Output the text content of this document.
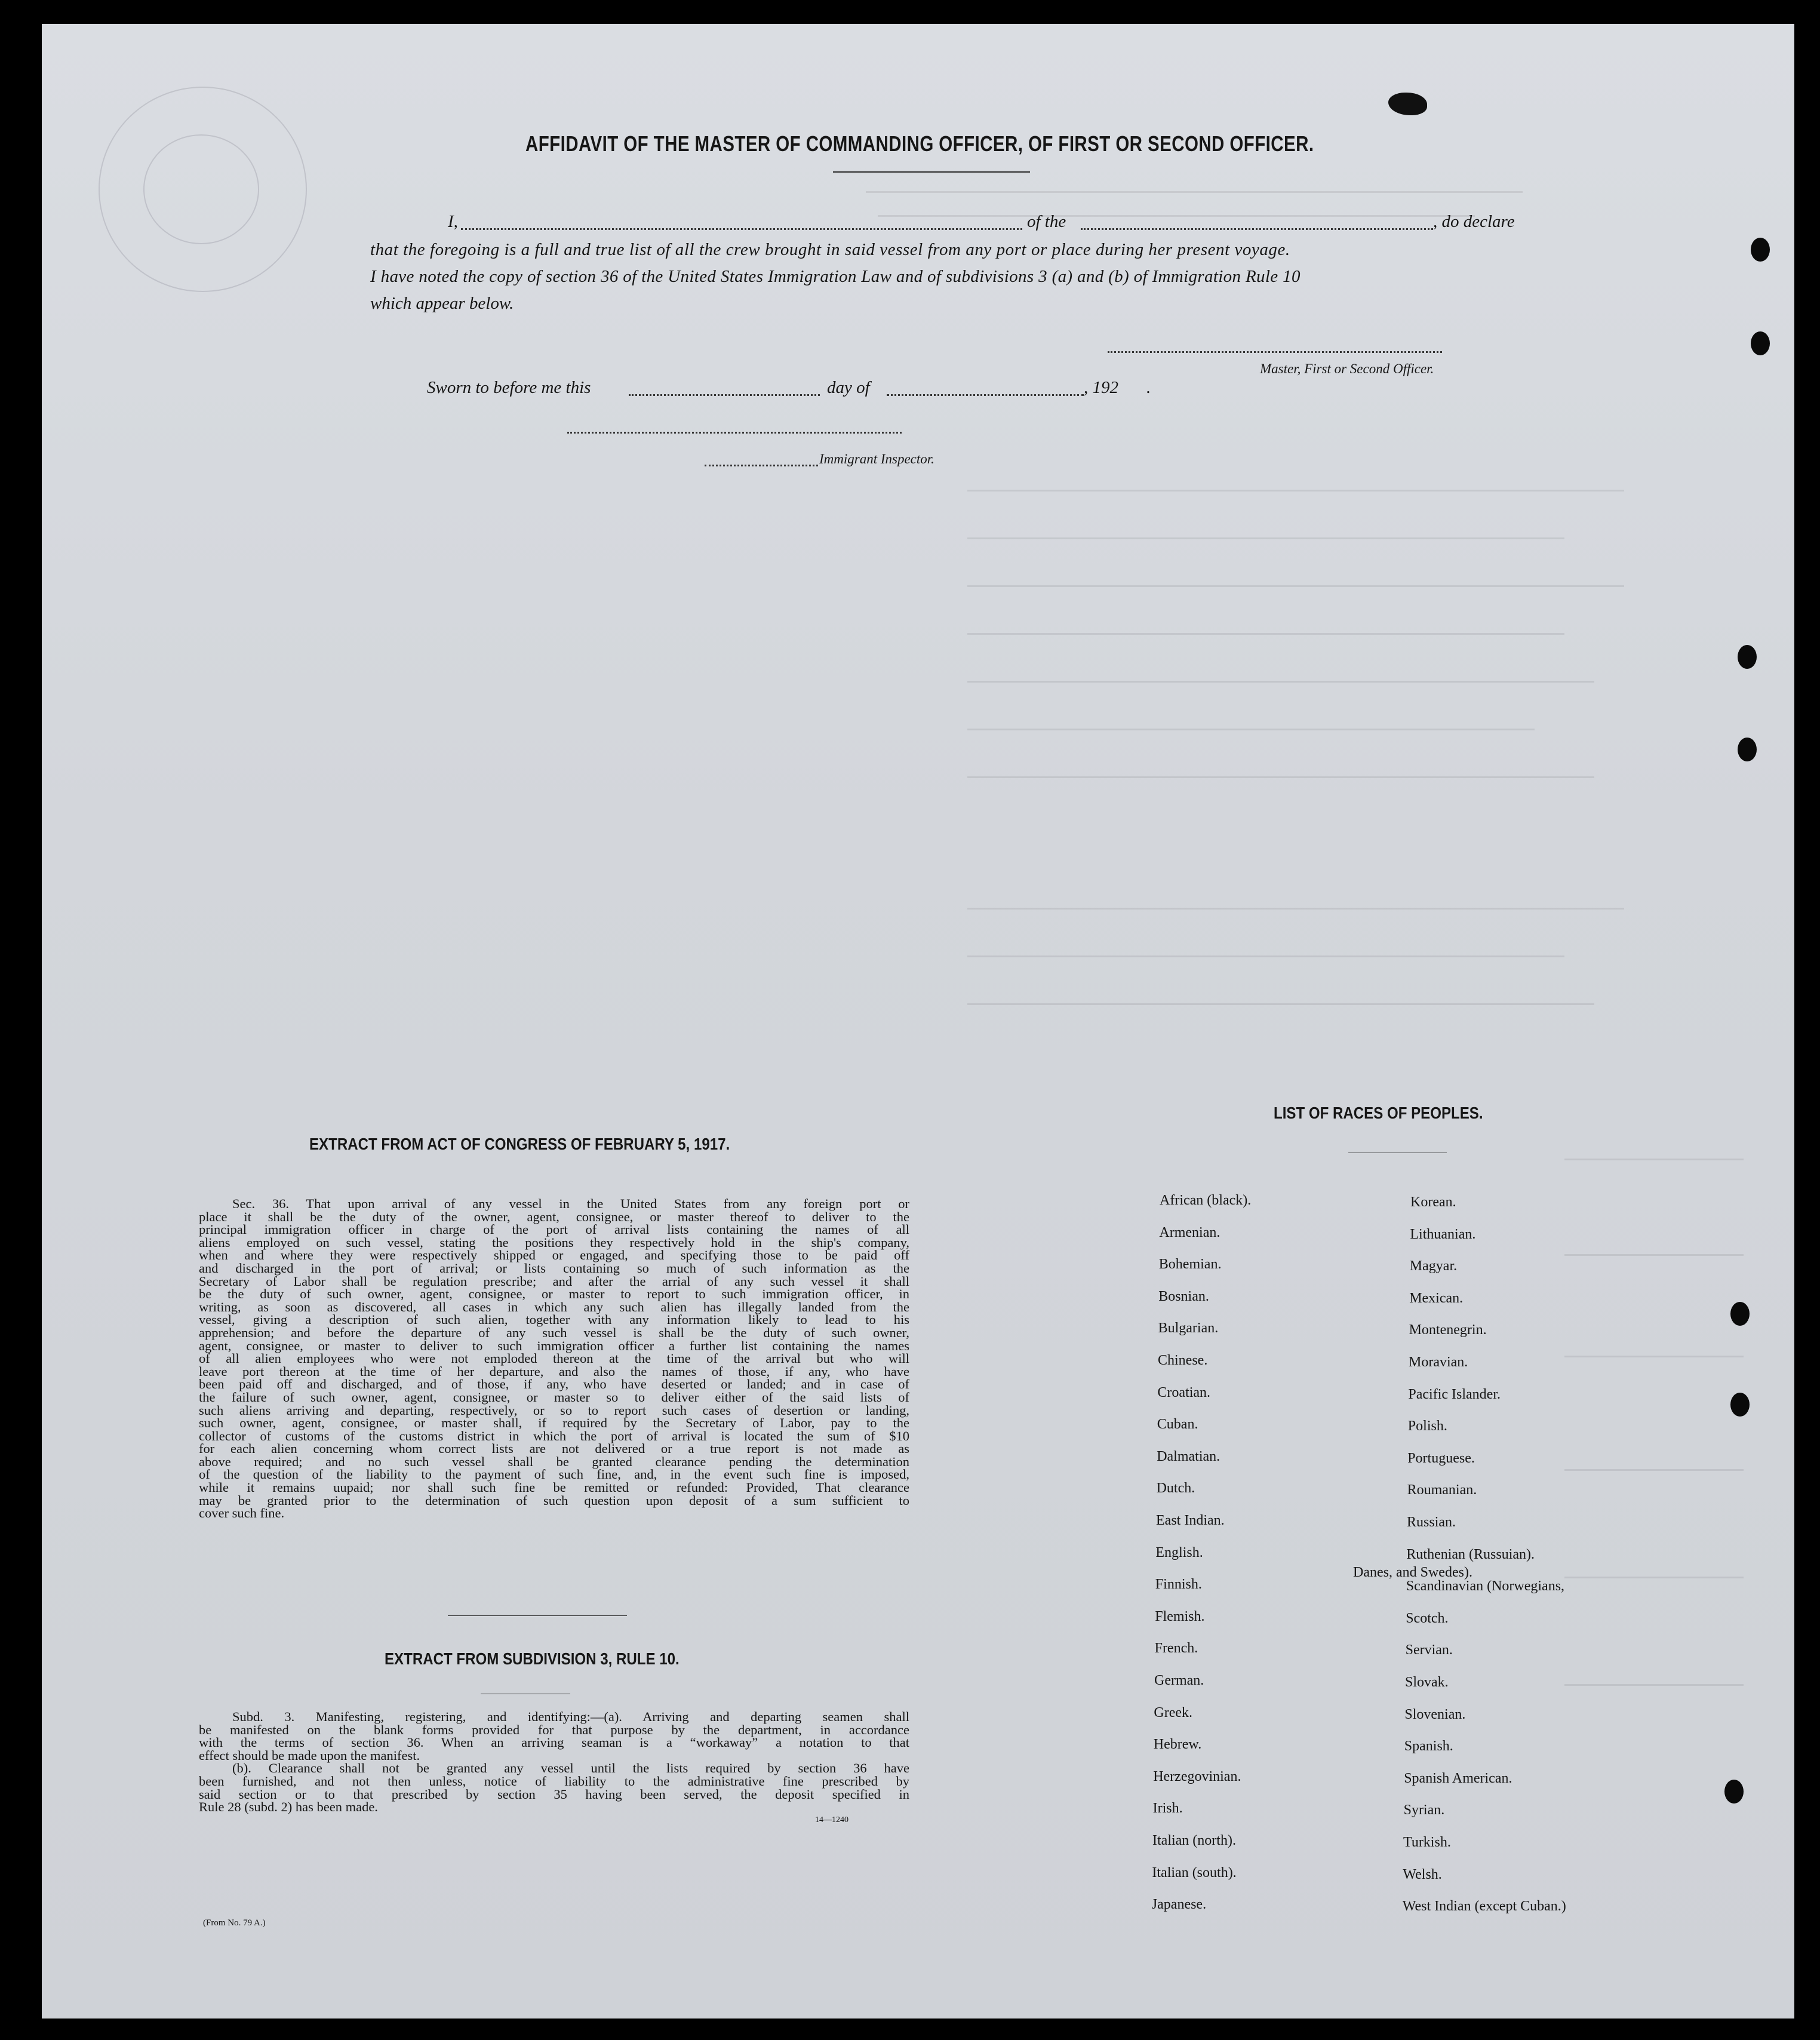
AFFIDAVIT OF THE MASTER OF COMMANDING OFFICER, OF FIRST OR SECOND OFFICER.
I,	of the	, do declare
that the foregoing is a full and true list of all the crew brought in said vessel from any port or place during her present voyage.
I have noted the copy of section 36 of the United States Immigration Law and of subdivisions 3 (a) and (b) of Immigration Rule 10
which appear below.
Master, First or Second Officer.
Sworn to before me this	day of	, 192 .
Immigrant Inspector.
EXTRACT FROM ACT OF CONGRESS OF FEBRUARY 5, 1917.
Sec. 36. That upon arrival of any vessel in the United States from any foreign port or
place it shall be the duty of the owner, agent, consignee, or master thereof to deliver to the
principal immigration officer in charge of the port of arrival lists containing the names of all
aliens employed on such vessel, stating the positions they respectively hold in the ship's company,
when and where they were respectively shipped or engaged, and specifying those to be paid off
and discharged in the port of arrival; or lists containing so much of such information as the
Secretary of Labor shall be regulation prescribe; and after the arrial of any such vessel it shall
be the duty of such owner, agent, consignee, or master to report to such immigration officer, in
writing, as soon as discovered, all cases in which any such alien has illegally landed from the
vessel, giving a description of such alien, together with any information likely to lead to his
apprehension; and before the departure of any such vessel is shall be the duty of such owner,
agent, consignee, or master to deliver to such immigration officer a further list containing the names
of all alien employees who were not emploded thereon at the time of the arrival but who will
leave port thereon at the time of her departure, and also the names of those, if any, who have
been paid off and discharged, and of those, if any, who have deserted or landed; and in case of
the failure of such owner, agent, consignee, or master so to deliver either of the said lists of
such aliens arriving and departing, respectively, or so to report such cases of desertion or landing,
such owner, agent, consignee, or master shall, if required by the Secretary of Labor, pay to the
collector of customs of the customs district in which the port of arrival is located the sum of $10
for each alien concerning whom correct lists are not delivered or a true report is not made as
above required; and no such vessel shall be granted clearance pending the determination
of the question of the liability to the payment of such fine, and, in the event such fine is imposed,
while it remains uupaid; nor shall such fine be remitted or refunded: Provided, That clearance
may be granted prior to the determination of such question upon deposit of a sum sufficient to
cover such fine.
EXTRACT FROM SUBDIVISION 3, RULE 10.
Subd. 3. Manifesting, registering, and identifying:—(a). Arriving and departing seamen shall
be manifested on the blank forms provided for that purpose by the department, in accordance
with the terms of section 36. When an arriving seaman is a “workaway” a notation to that
effect should be made upon the manifest.
(b). Clearance shall not be granted any vessel until the lists required by section 36 have
been furnished, and not then unless, notice of liability to the administrative fine prescribed by
said section or to that prescribed by section 35 having been served, the deposit specified in
Rule 28 (subd. 2) has been made.
14—1240
(From No. 79 A.)
LIST OF RACES OF PEOPLES.
African (black).
Armenian.
Bohemian.
Bosnian.
Bulgarian.
Chinese.
Croatian.
Cuban.
Dalmatian.
Dutch.
East Indian.
English.
Finnish.
Flemish.
French.
German.
Greek.
Hebrew.
Herzegovinian.
Irish.
Italian (north).
Italian (south).
Japanese.
Korean.
Lithuanian.
Magyar.
Mexican.
Montenegrin.
Moravian.
Pacific Islander.
Polish.
Portuguese.
Roumanian.
Russian.
Ruthenian (Russuian).
Scandinavian (Norwegians,
Scotch.
Servian.
Slovak.
Slovenian.
Spanish.
Spanish American.
Syrian.
Turkish.
Welsh.
West Indian (except Cuban.)
Danes, and Swedes).
